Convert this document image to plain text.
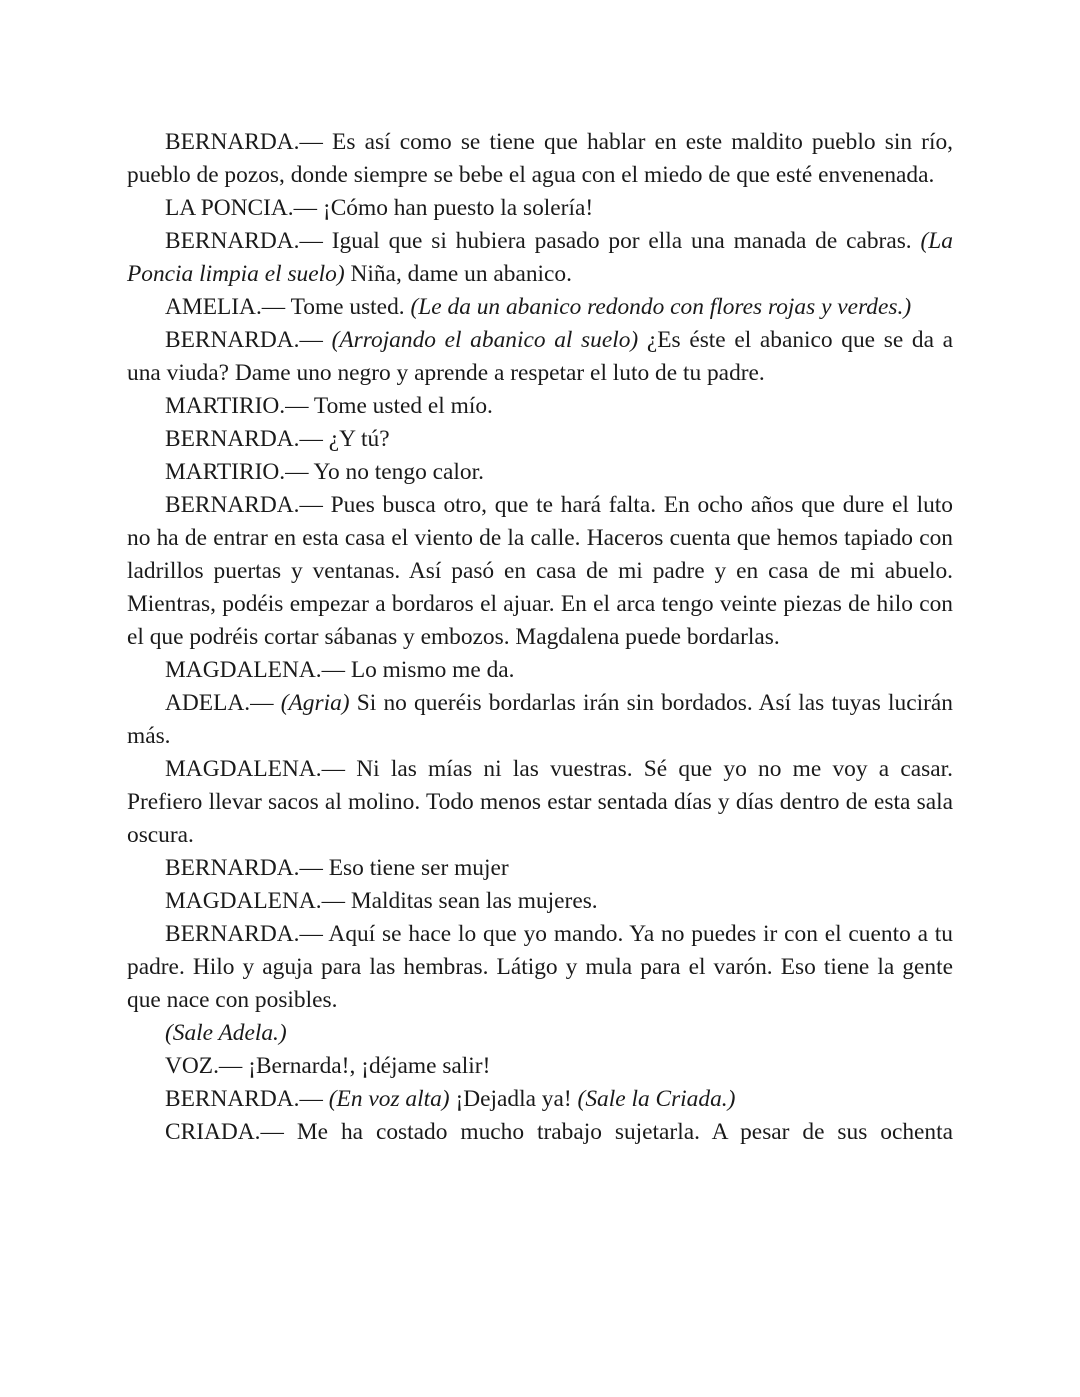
BERNARDA.— Es así como se tiene que hablar en este maldito pueblo sin río, pueblo de pozos, donde siempre se bebe el agua con el miedo de que esté envenenada.

LA PONCIA.— ¡Cómo han puesto la solería!

BERNARDA.— Igual que si hubiera pasado por ella una manada de cabras. (La Poncia limpia el suelo) Niña, dame un abanico.

AMELIA.— Tome usted. (Le da un abanico redondo con flores rojas y verdes.)

BERNARDA.— (Arrojando el abanico al suelo) ¿Es éste el abanico que se da a una viuda? Dame uno negro y aprende a respetar el luto de tu padre.

MARTIRIO.— Tome usted el mío.

BERNARDA.— ¿Y tú?

MARTIRIO.— Yo no tengo calor.

BERNARDA.— Pues busca otro, que te hará falta. En ocho años que dure el luto no ha de entrar en esta casa el viento de la calle. Haceros cuenta que hemos tapiado con ladrillos puertas y ventanas. Así pasó en casa de mi padre y en casa de mi abuelo. Mientras, podéis empezar a bordaros el ajuar. En el arca tengo veinte piezas de hilo con el que podréis cortar sábanas y embozos. Magdalena puede bordarlas.

MAGDALENA.— Lo mismo me da.

ADELA.— (Agria) Si no queréis bordarlas irán sin bordados. Así las tuyas lucirán más.

MAGDALENA.— Ni las mías ni las vuestras. Sé que yo no me voy a casar. Prefiero llevar sacos al molino. Todo menos estar sentada días y días dentro de esta sala oscura.

BERNARDA.— Eso tiene ser mujer

MAGDALENA.— Malditas sean las mujeres.

BERNARDA.— Aquí se hace lo que yo mando. Ya no puedes ir con el cuento a tu padre. Hilo y aguja para las hembras. Látigo y mula para el varón. Eso tiene la gente que nace con posibles.

(Sale Adela.)

VOZ.— ¡Bernarda!, ¡déjame salir!

BERNARDA.— (En voz alta) ¡Dejadla ya! (Sale la Criada.)

CRIADA.— Me ha costado mucho trabajo sujetarla. A pesar de sus ochenta
